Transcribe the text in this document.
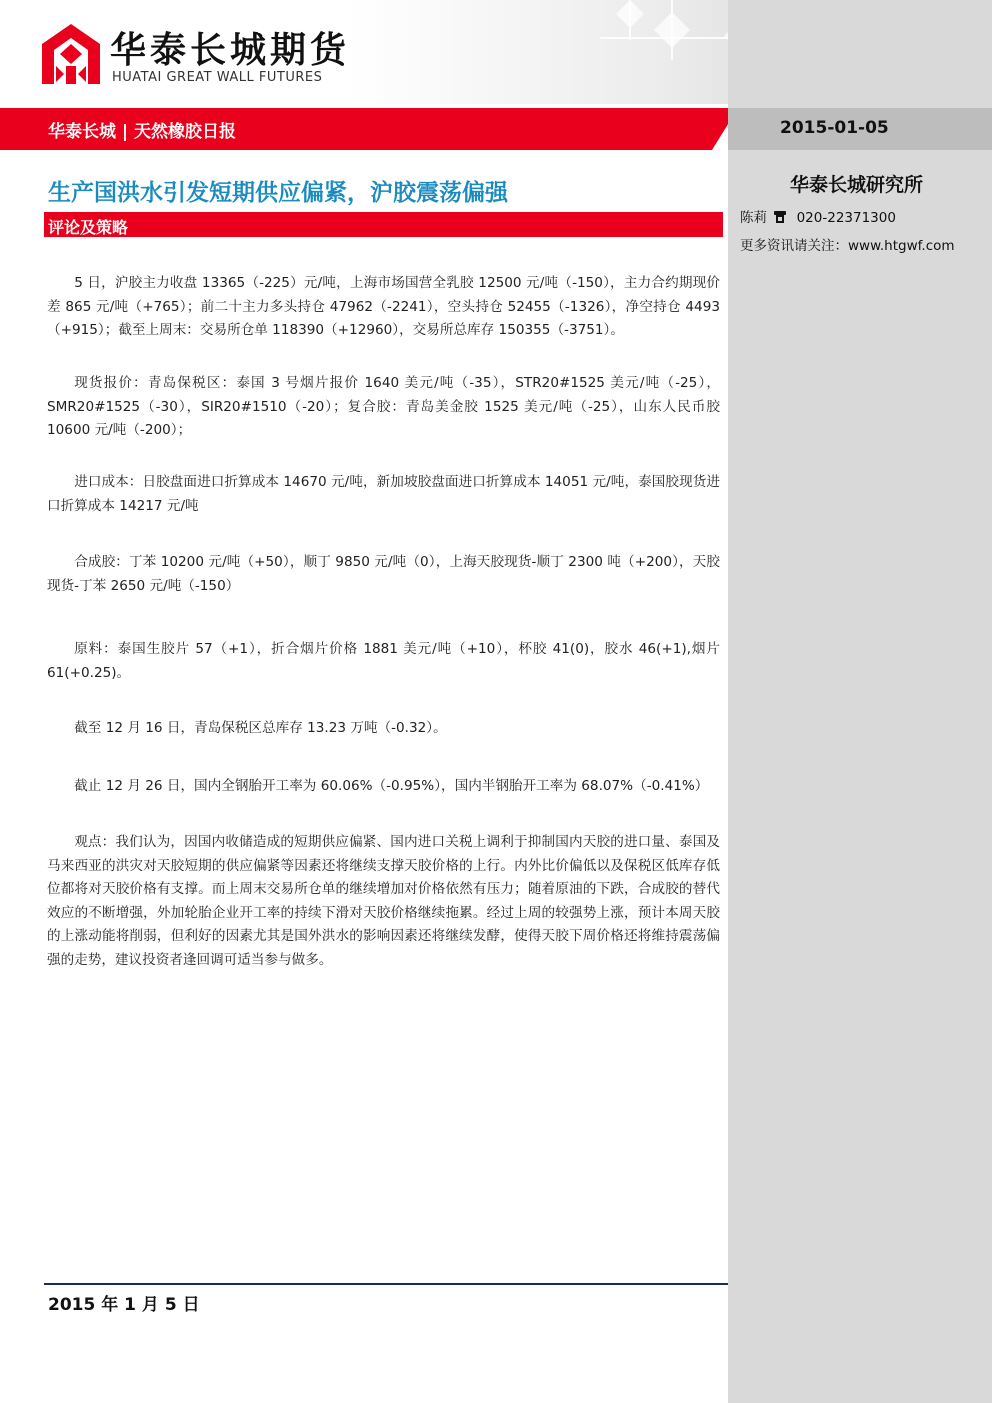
华泰长城期货
HUATAI GREAT WALL FUTURES
华泰长城 | 天然橡胶日报	2015-01-05
生产国洪水引发短期供应偏紧，沪胶震荡偏强
评论及策略
华泰长城研究所
陈莉 020-22371300
更多资讯请关注：www.htgwf.com

5 日，沪胶主力收盘 13365（-225）元/吨，上海市场国营全乳胶 12500 元/吨（-150），主力合约期现价差 865 元/吨（+765）；前二十主力多头持仓 47962（-2241），空头持仓 52455（-1326），净空持仓 4493（+915）；截至上周末：交易所仓单 118390（+12960），交易所总库存 150355（-3751）。

现货报价：青岛保税区：泰国 3 号烟片报价 1640 美元/吨（-35），STR20#1525 美元/吨（-25），SMR20#1525（-30），SIR20#1510（-20）；复合胶：青岛美金胶 1525 美元/吨（-25），山东人民币胶 10600 元/吨（-200）；

进口成本：日胶盘面进口折算成本 14670 元/吨，新加坡胶盘面进口折算成本 14051 元/吨，泰国胶现货进口折算成本 14217 元/吨

合成胶：丁苯 10200 元/吨（+50），顺丁 9850 元/吨（0），上海天胶现货-顺丁 2300 吨（+200），天胶现货-丁苯 2650 元/吨（-150）

原料：泰国生胶片 57（+1），折合烟片价格 1881 美元/吨（+10），杯胶 41(0)，胶水 46(+1),烟片 61(+0.25)。

截至 12 月 16 日，青岛保税区总库存 13.23 万吨（-0.32）。

截止 12 月 26 日，国内全钢胎开工率为 60.06%（-0.95%），国内半钢胎开工率为 68.07%（-0.41%）

观点：我们认为，因国内收储造成的短期供应偏紧、国内进口关税上调利于抑制国内天胶的进口量、泰国及马来西亚的洪灾对天胶短期的供应偏紧等因素还将继续支撑天胶价格的上行。内外比价偏低以及保税区低库存低位都将对天胶价格有支撑。而上周末交易所仓单的继续增加对价格依然有压力；随着原油的下跌，合成胶的替代效应的不断增强，外加轮胎企业开工率的持续下滑对天胶价格继续拖累。经过上周的较强势上涨，预计本周天胶的上涨动能将削弱，但利好的因素尤其是国外洪水的影响因素还将继续发酵，使得天胶下周价格还将维持震荡偏强的走势，建议投资者逢回调可适当参与做多。

2015 年 1 月 5 日
